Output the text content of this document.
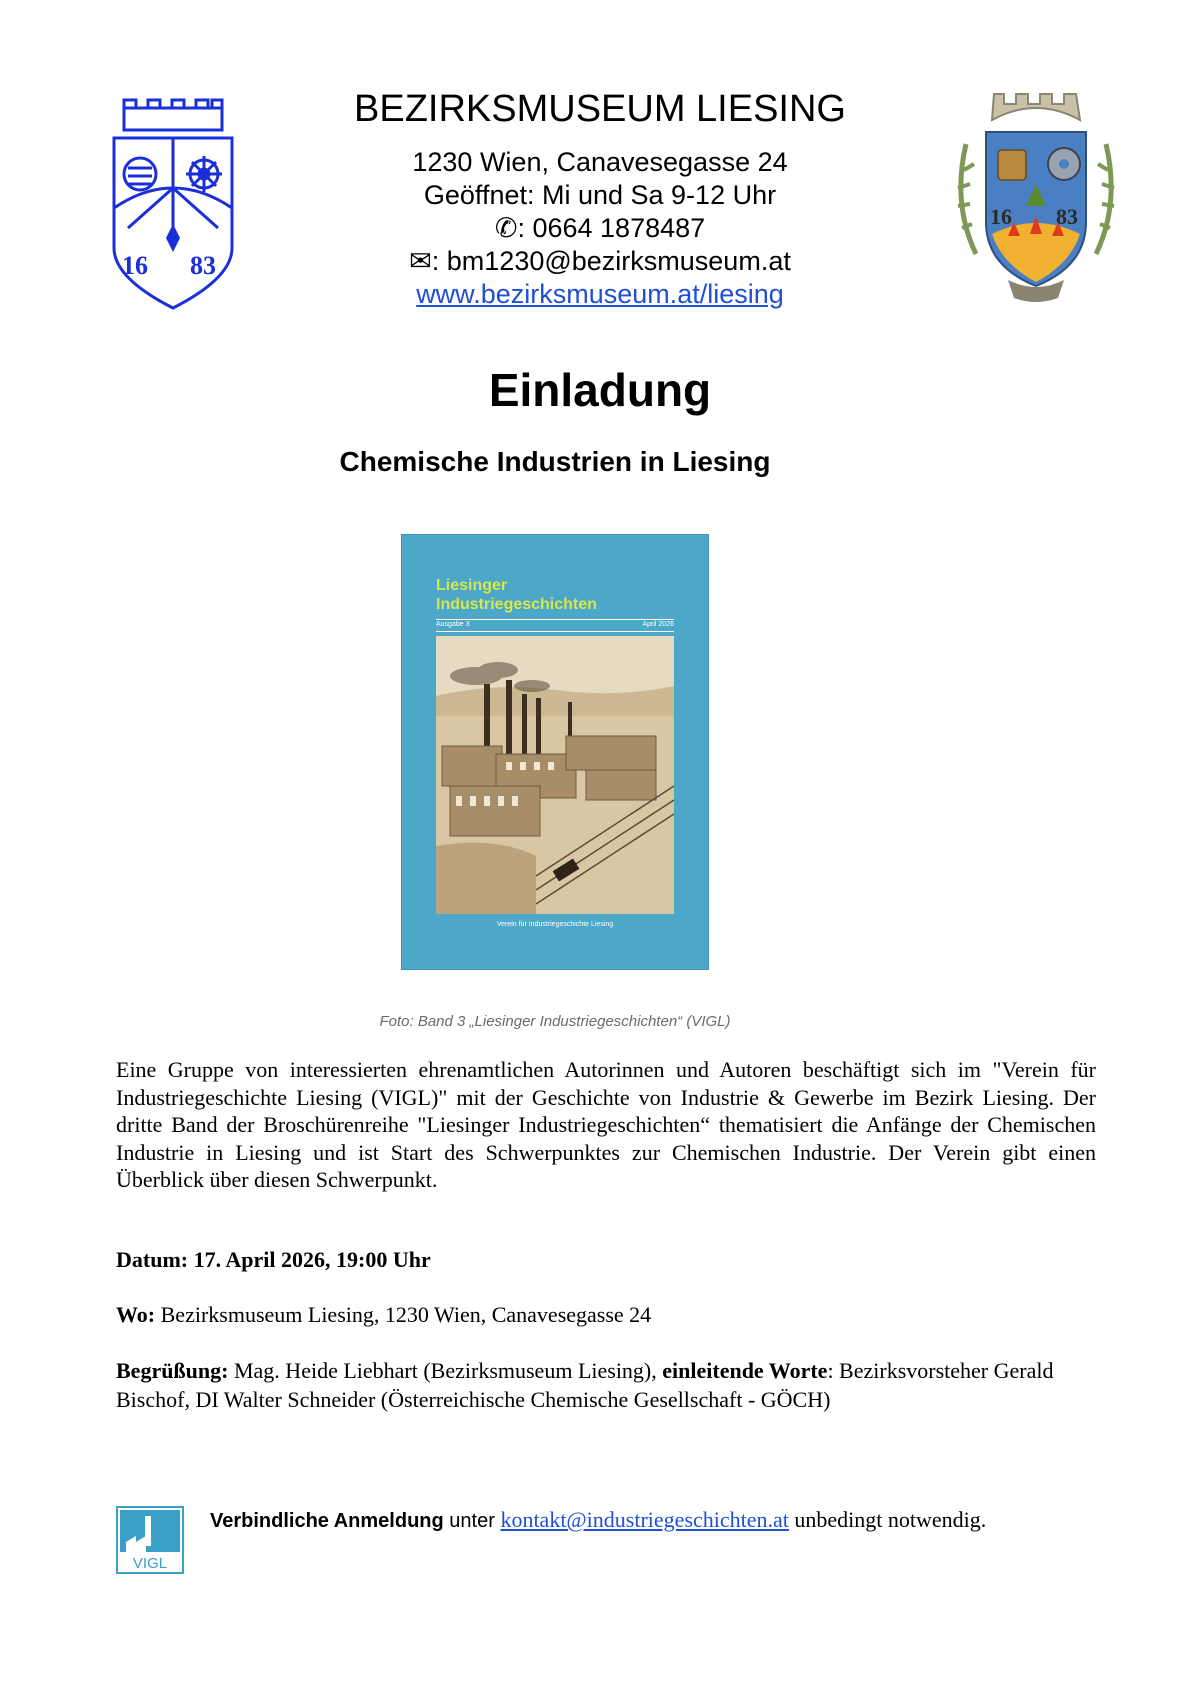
16 83
16 83
BEZIRKSMUSEUM LIESING
1230 Wien, Canavesegasse 24
Geöffnet: Mi und Sa 9-12 Uhr
✆: 0664 1878487
✉: bm1230@bezirksmuseum.at
www.bezirksmuseum.at/liesing
Einladung
Chemische Industrien in Liesing
Liesinger
Industriegeschichten
Ausgabe 3	April 2026
Verein für Industriegeschichte Liesing
Foto: Band 3 „Liesinger Industriegeschichten“ (VIGL)
Eine Gruppe von interessierten ehrenamtlichen Autorinnen und Autoren beschäftigt sich im "Verein für Industriegeschichte Liesing (VIGL)" mit der Geschichte von Industrie & Gewerbe im Bezirk Liesing. Der dritte Band der Broschürenreihe "Liesinger Industriegeschichten“ thematisiert die Anfänge der Chemischen Industrie in Liesing und ist Start des Schwerpunktes zur Chemischen Industrie. Der Verein gibt einen Überblick über diesen Schwerpunkt.
Datum: 17. April 2026, 19:00 Uhr
Wo: Bezirksmuseum Liesing, 1230 Wien, Canavesegasse 24
Begrüßung: Mag. Heide Liebhart (Bezirksmuseum Liesing), einleitende Worte: Bezirksvorsteher Gerald Bischof, DI Walter Schneider (Österreichische Chemische Gesellschaft - GÖCH)
VIGL
Verbindliche Anmeldung unter kontakt@industriegeschichten.at unbedingt notwendig.
